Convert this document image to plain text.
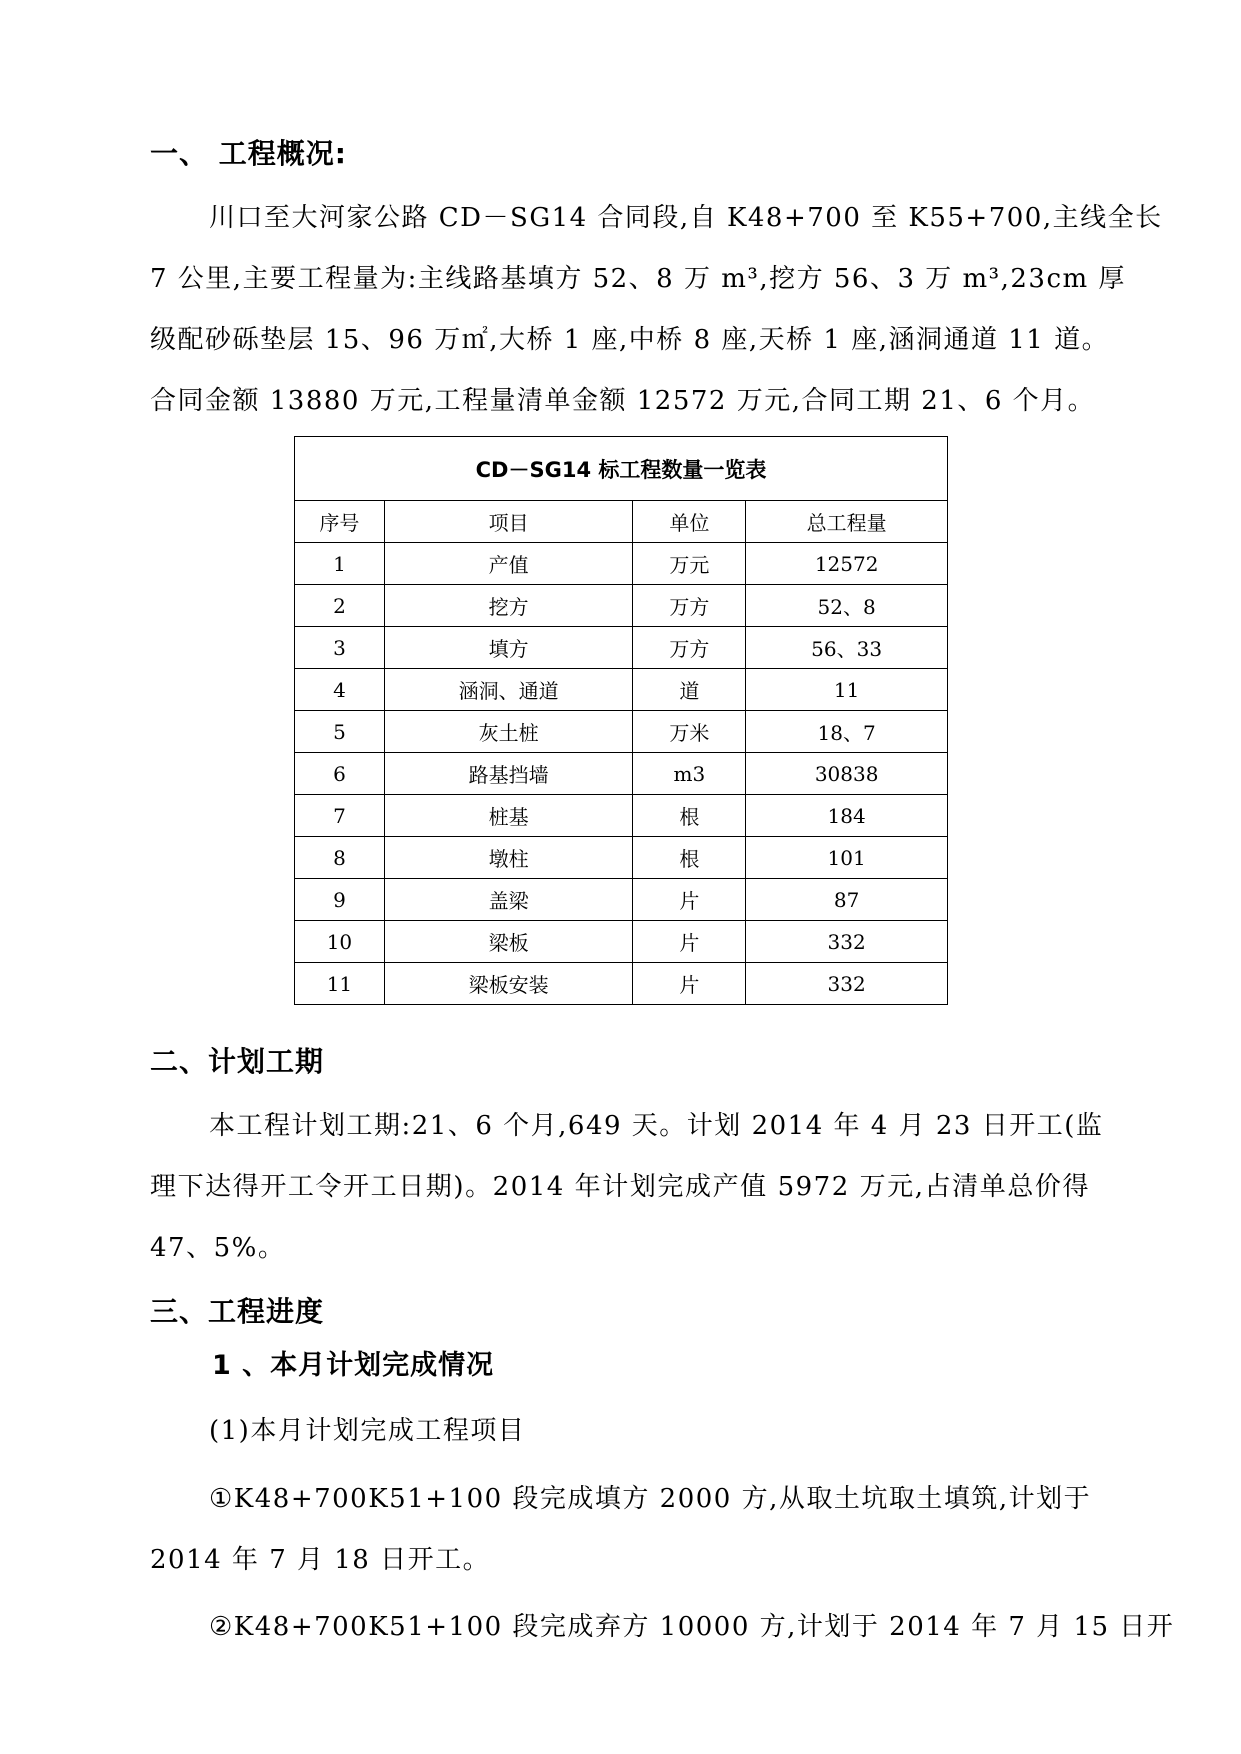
一、 工程概况:
川口至大河家公路 CD－SG14 合同段,自 K48+700 至 K55+700,主线全长
7 公里,主要工程量为:主线路基填方 52、8 万 m³,挖方 56、3 万 m³,23cm 厚
级配砂砾垫层 15、96 万㎡,大桥 1 座,中桥 8 座,天桥 1 座,涵洞通道 11 道。
合同金额 13880 万元,工程量清单金额 12572 万元,合同工期 21、6 个月。
CD－SG14 标工程数量一览表			
序号	项目	单位	总工程量
1	产值	万元	12572
2	挖方	万方	52、8
3	填方	万方	56、33
4	涵洞、通道	道	11
5	灰土桩	万米	18、7
6	路基挡墙	m3	30838
7	桩基	根	184
8	墩柱	根	101
9	盖梁	片	87
10	梁板	片	332
11	梁板安装	片	332
二、计划工期
本工程计划工期:21、6 个月,649 天。计划 2014 年 4 月 23 日开工(监
理下达得开工令开工日期)。2014 年计划完成产值 5972 万元,占清单总价得
47、5%。
三、工程进度
1 、本月计划完成情况
(1)本月计划完成工程项目
①K48+700K51+100 段完成填方 2000 方,从取土坑取土填筑,计划于
2014 年 7 月 18 日开工。
②K48+700K51+100 段完成弃方 10000 方,计划于 2014 年 7 月 15 日开
